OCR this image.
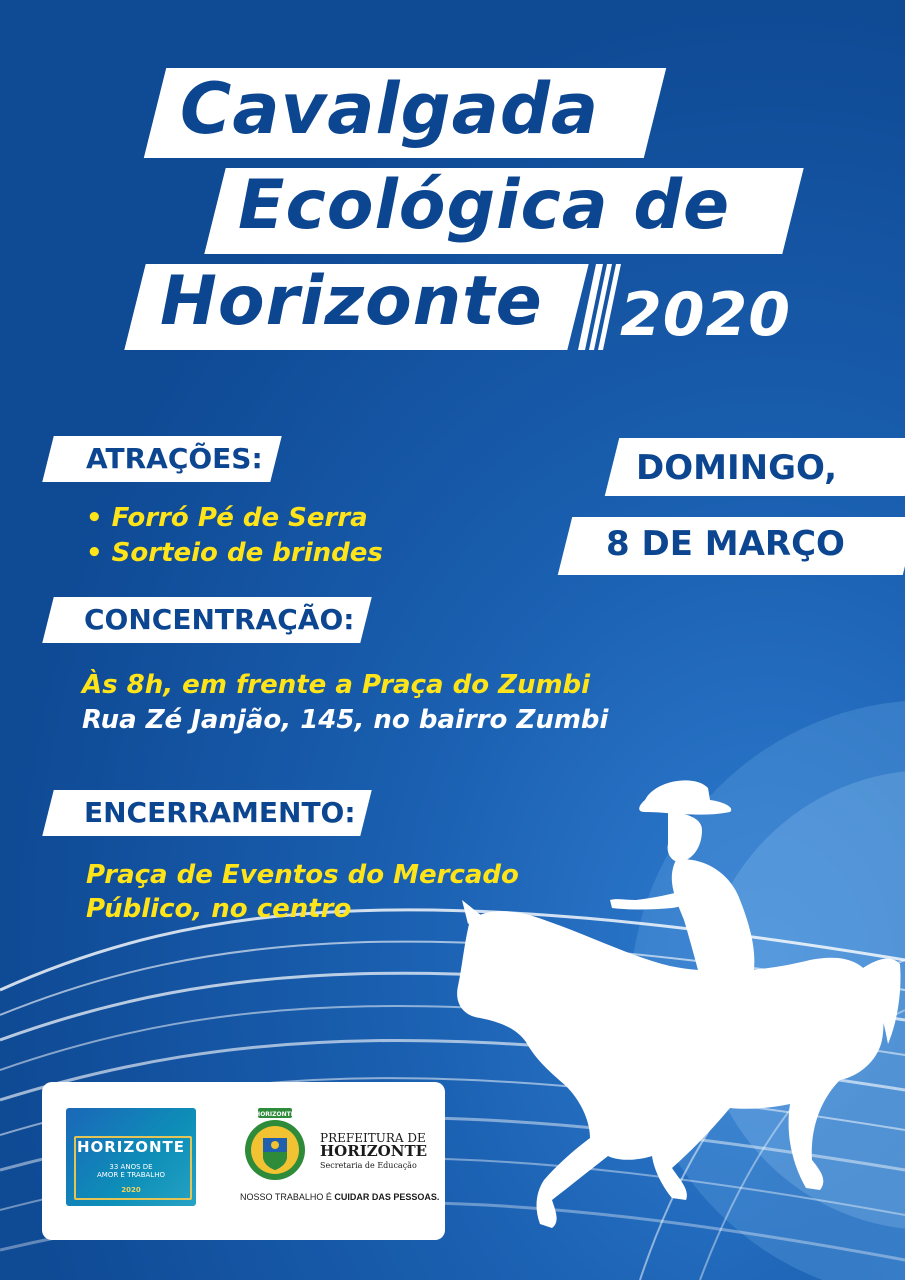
Cavalgada
Ecológica de
Horizonte 2020
DOMINGO,
8 DE MARÇO
ATRAÇÕES:
• Forró Pé de Serra
• Sorteio de brindes
CONCENTRAÇÃO:
Às 8h, em frente a Praça do Zumbi
Rua Zé Janjão, 145, no bairro Zumbi
ENCERRAMENTO:
Praça de Eventos do Mercado
Público, no centro
HORIZONTE
33 ANOS DE
AMOR E TRABALHO
2020
HORIZONTE
PREFEITURA DE
HORIZONTE
Secretaria de Educação
NOSSO TRABALHO É CUIDAR DAS PESSOAS.
